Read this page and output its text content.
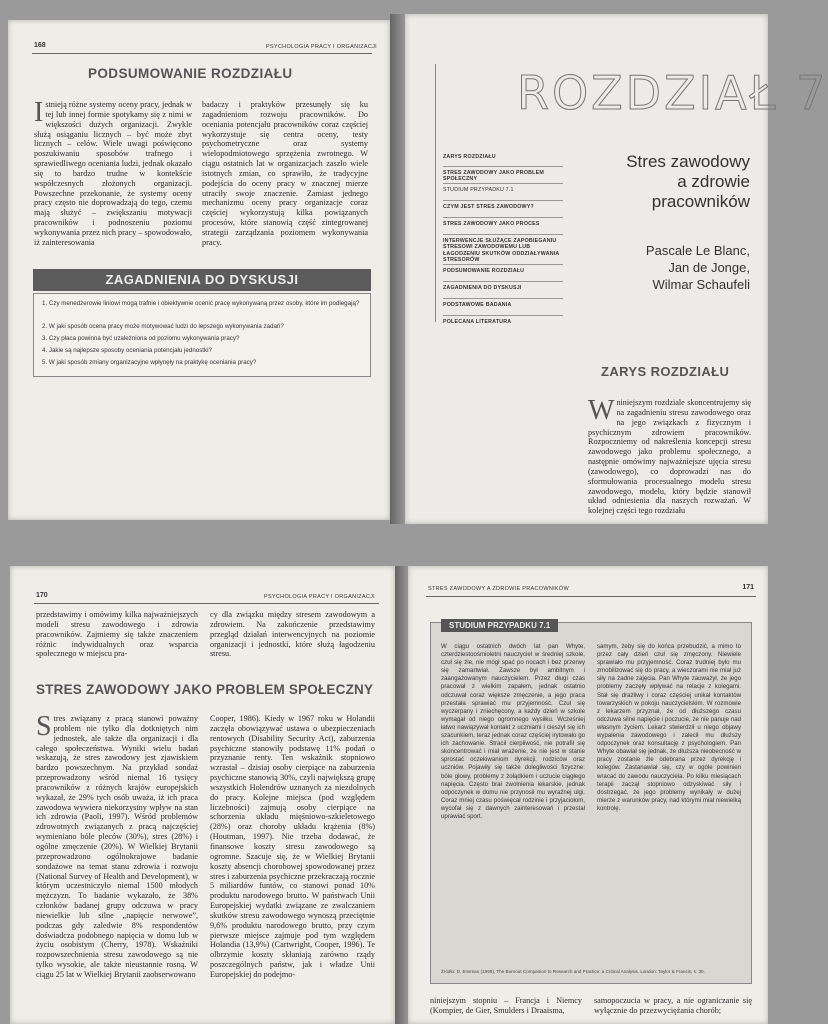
168	PSYCHOLOGIA PRACY I ORGANIZACJI
PODSUMOWANIE ROZDZIAŁU
Istnieją różne systemy oceny pracy, jednak w tej lub innej formie spotykamy się z nimi w większości dużych organizacji. Zwykle służą osiąganiu licznych – być może zbyt licznych – celów. Wiele uwagi poświęcono poszukiwaniu sposobów trafnego i sprawiedliwego oceniania ludzi, jednak okazało się to bardzo trudne w kontekście współczesnych złożonych organizacji. Powszechne przekonanie, że systemy oceny pracy często nie doprowadzają do tego, czemu mają służyć – zwiększaniu motywacji pracowników i podnoszeniu poziomu wykonywania przez nich pracy – spowodowało, iż zainteresowania
badaczy i praktyków przesunęły się ku zagadnieniom rozwoju pracowników. Do oceniania potencjału pracowników coraz częściej wykorzystuje się centra oceny, testy psychometryczne oraz systemy wielopodmiotowego sprzężenia zwrotnego. W ciągu ostatnich lat w organizacjach zaszło wiele istotnych zmian, co sprawiło, że tradycyjne podejścia do oceny pracy w znacznej mierze utraciły swoje znaczenie. Zamiast jednego mechanizmu oceny pracy organizacje coraz częściej wykorzystują kilka powiązanych procesów, które stanowią część zintegrowanej strategii zarządzania poziomem wykonywania pracy.
ZAGADNIENIA DO DYSKUSJI
1. Czy menedżerowie liniowi mogą trafnie i obiektywnie ocenić pracę wykonywaną przez osoby, które im podlegają?
2. W jaki sposób ocena pracy może motywować ludzi do lepszego wykonywania zadań?
3. Czy płaca powinna być uzależniona od poziomu wykonywania pracy?
4. Jakie są najlepsze sposoby oceniania potencjału jednostki?
5. W jaki sposób zmiany organizacyjne wpłynęły na praktykę oceniania pracy?
ROZDZIAŁ 7
ZARYS ROZDZIAŁU
STRES ZAWODOWY JAKO PROBLEM SPOŁECZNY
STUDIUM PRZYPADKU 7.1
CZYM JEST STRES ZAWODOWY?
STRES ZAWODOWY JAKO PROCES
INTERWENCJE SŁUŻĄCE ZAPOBIEGANIU STRESOWI ZAWODOWEMU LUB ŁAGODZENIU SKUTKÓW ODDZIAŁYWANIA STRESORÓW
PODSUMOWANIE ROZDZIAŁU
ZAGADNIENIA DO DYSKUSJI
PODSTAWOWE BADANIA
POLECANA LITERATURA
Stres zawodowy
a zdrowie
pracowników
Pascale Le Blanc,
Jan de Jonge,
Wilmar Schaufeli
ZARYS ROZDZIAŁU
Wniniejszym rozdziale skoncentrujemy się na zagadnieniu stresu zawodowego oraz na jego związkach z fizycznym i psychicznym zdrowiem pracowników. Rozpoczniemy od nakreślenia koncepcji stresu zawodowego jako problemu społecznego, a następnie omówimy najważniejsze ujęcia stresu (zawodowego), co doprowadzi nas do sformułowania procesualnego modelu stresu zawodowego, modelu, który będzie stanowił układ odniesienia dla naszych rozważań. W kolejnej części tego rozdziału
170	PSYCHOLOGIA PRACY I ORGANIZACJI
przedstawimy i omówimy kilka najważniejszych modeli stresu zawodowego i zdrowia pracowników. Zajmiemy się także znaczeniem różnic indywidualnych oraz wsparcia społecznego w miejscu pra-
cy dla związku między stresem zawodowym a zdrowiem. Na zakończenie przedstawimy przegląd działań interwencyjnych na poziomie organizacji i jednostki, które służą łagodzeniu stresu.
STRES ZAWODOWY JAKO PROBLEM SPOŁECZNY
Stres związany z pracą stanowi poważny problem nie tylko dla dotkniętych nim jednostek, ale także dla organizacji i dla całego społeczeństwa. Wyniki wielu badań wskazują, że stres zawodowy jest zjawiskiem bardzo powszechnym. Na przykład sondaż przeprowadzony wśród niemal 16 tysięcy pracowników z różnych krajów europejskich wykazał, że 29% tych osób uważa, iż ich praca zawodowa wywiera niekorzystny wpływ na stan ich zdrowia (Paoli, 1997). Wśród problemów zdrowotnych związanych z pracą najczęściej wymieniano bóle pleców (30%), stres (28%) i ogólne zmęczenie (20%). W Wielkiej Brytanii przeprowadzono ogólnokrajowe badanie sondażowe na temat stanu zdrowia i rozwoju (National Survey of Health and Development), w którym uczestniczyło niemal 1500 młodych mężczyzn. To badanie wykazało, że 38% członków badanej grupy odczuwa w pracy niewielkie lub silne „napięcie nerwowe”, podczas gdy zaledwie 8% respondentów doświadcza podobnego napięcia w domu lub w życiu osobistym (Cherry, 1978). Wskaźniki rozpowszechnienia stresu zawodowego są nie tylko wysokie, ale także nieustannie rosną. W ciągu 25 lat w Wielkiej Brytanii zaobserwowano
Cooper, 1986). Kiedy w 1967 roku w Holandii zaczęła obowiązywać ustawa o ubezpieczeniach rentowych (Disability Security Act), zaburzenia psychiczne stanowiły podstawę 11% podań o przyznanie renty. Ten wskaźnik stopniowo wzrastał – dzisiaj osoby cierpiące na zaburzenia psychiczne stanowią 30%, czyli największą grupę wszystkich Holendrów uznanych za niezdolnych do pracy. Kolejne miejsca (pod względem liczebności) zajmują osoby cierpiące na schorzenia układu mięśniowo-szkieletowego (28%) oraz choroby układu krążenia (8%) (Houtman, 1997). Nie trzeba dodawać, że finansowe koszty stresu zawodowego są ogromne. Szacuje się, że w Wielkiej Brytanii koszty absencji chorobowej spowodowanej przez stres i zaburzenia psychiczne przekraczają rocznie 5 miliardów funtów, co stanowi ponad 10% produktu narodowego brutto. W państwach Unii Europejskiej wydatki związane ze zwalczaniem skutków stresu zawodowego wynoszą przeciętnie 9,6% produktu narodowego brutto, przy czym pierwsze miejsce zajmuje pod tym względem Holandia (13,9%) (Cartwright, Cooper, 1996). Te olbrzymie koszty skłaniają zarówno rządy poszczególnych państw, jak i władze Unii Europejskiej do podejmo-
STRES ZAWODOWY A ZDROWIE PRACOWNIKÓW	171
STUDIUM PRZYPADKU 7.1
W ciągu ostatnich dwóch lat pan Whyte, czterdziestoośmioletni nauczyciel w średniej szkole, czuł się źle, nie mógł spać po nocach i bez przerwy się zamartwiał. Zawsze był ambitnym i zaangażowanym nauczycielem. Przez długi czas pracował z wielkim zapałem, jednak ostatnio odczuwał coraz większe zmęczenie, a jego praca przestała sprawiać mu przyjemność. Czuł się wyczerpany i zniechęcony, a każdy dzień w szkole wymagał od niego ogromnego wysiłku. Wcześniej łatwo nawiązywał kontakt z uczniami i cieszył się ich szacunkiem, teraz jednak coraz częściej irytowało go ich zachowanie. Stracił cierpliwość, nie potrafił się skoncentrować i miał wrażenie, że nie jest w stanie sprostać oczekiwaniom dyrekcji, rodziców oraz uczniów. Pojawiły się także dolegliwości fizyczne: bóle głowy, problemy z żołądkiem i uczucie ciągłego napięcia. Często brał zwolnienia lekarskie, jednak odpoczynek w domu nie przynosił mu wyraźnej ulgi. Coraz mniej czasu poświęcał rodzinie i przyjaciołom, wycofał się z dawnych zainteresowań i przestał uprawiać sport.
samym, żeby się do końca przebudzić, a mimo to przez cały dzień czuł się zmęczony. Niewiele sprawiało mu przyjemność. Coraz trudniej było mu zmobilizować się do pracy, a wieczorami nie miał już siły na żadne zajęcia. Pan Whyte zauważył, że jego problemy zaczęły wpływać na relacje z kolegami. Stał się drażliwy i coraz częściej unikał kontaktów towarzyskich w pokoju nauczycielskim. W rozmowie z lekarzem przyznał, że od dłuższego czasu odczuwa silne napięcie i poczucie, że nie panuje nad własnym życiem. Lekarz stwierdził u niego objawy wypalenia zawodowego i zalecił mu dłuższy odpoczynek oraz konsultację z psychologiem. Pan Whyte obawiał się jednak, że dłuższa nieobecność w pracy zostanie źle odebrana przez dyrekcję i kolegów. Zastanawiał się, czy w ogóle powinien wracać do zawodu nauczyciela. Po kilku miesiącach terapii zaczął stopniowo odzyskiwać siły i dostrzegać, że jego problemy wynikały w dużej mierze z warunków pracy, nad którymi miał niewielką kontrolę.
Źródło: D. Ensman (1999), The Burnout Companion to Research and Practice: a Critical Analysis. London: Taylor & Francis, s. 30.
niniejszym stopniu – Francja i Niemcy (Kompier, de Gier, Smulders i Draaisma,
samopoczucia w pracy, a nie ograniczanie się wyłącznie do przezwyciężania chorób;
